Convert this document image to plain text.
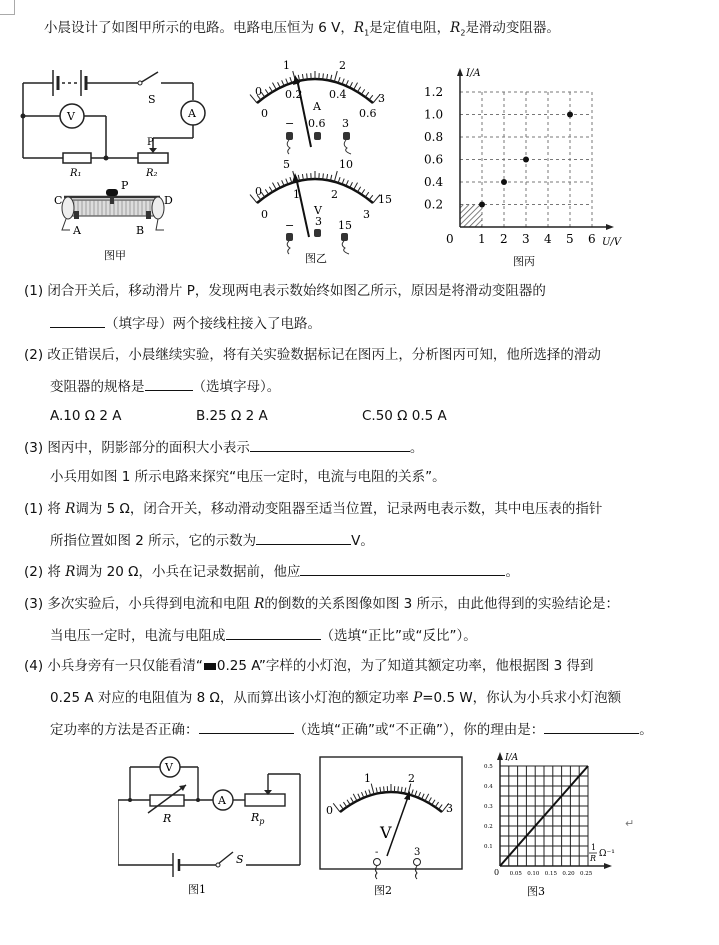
小晨设计了如图甲所示的电路。电路电压恒为 6 V，$R_1$是定值电阻，$R_2$是滑动变阻器。
S
A
V
P
R₁	R₂
C	D
P
A	B
图甲
0
1	2
3
0
0.2 0.4
0.6
A
− 0.6 3
0
5	10
15
0
1	2
3
V
− 3 15
图乙
0 1 2 3 4 5 6
0.2
0.4
0.6
0.8
1.0
1.2
I/A
U/V
图丙
(1) 闭合开关后，移动滑片 P，发现两电表示数始终如图乙所示，原因是将滑动变阻器的
（填字母）两个接线柱接入了电路。
(2) 改正错误后，小晨继续实验，将有关实验数据标记在图丙上，分析图丙可知，他所选择的滑动
变阻器的规格是	（选填字母）。
A.10 Ω 2 A	B.25 Ω 2 A	C.50 Ω 0.5 A
(3) 图丙中，阴影部分的面积大小表示	。
小兵用如图 1 所示电路来探究“电压一定时，电流与电阻的关系”。
(1) 将 R调为 5 Ω，闭合开关，移动滑动变阻器至适当位置，记录两电表示数，其中电压表的指针
所指位置如图 2 所示，它的示数为	V。
(2) 将 R调为 20 Ω，小兵在记录数据前，他应	。
(3) 多次实验后，小兵得到电流和电阻 R的倒数的关系图像如图 3 所示，由此他得到的实验结论是：
当电压一定时，电流与电阻成	（选填“正比”或“反比”）。
(4) 小兵身旁有一只仅能看清“ 0.25 A”字样的小灯泡，为了知道其额定功率，他根据图 3 得到
0.25 A 对应的电阻值为 8 Ω，从而算出该小灯泡的额定功率 P=0.5 W，你认为小兵求小灯泡额
定功率的方法是否正确：	（选填“正确”或“不正确”），你的理由是：	。
V
A
R	$R_p$
S
图1
0
1	2
3
V
-	3
图2
0.05 0.10 0.15 0.20 0.25
0.1
0.2
0.3
0.4
0.5
0
I/A
1
R Ω⁻¹
图3
↵
